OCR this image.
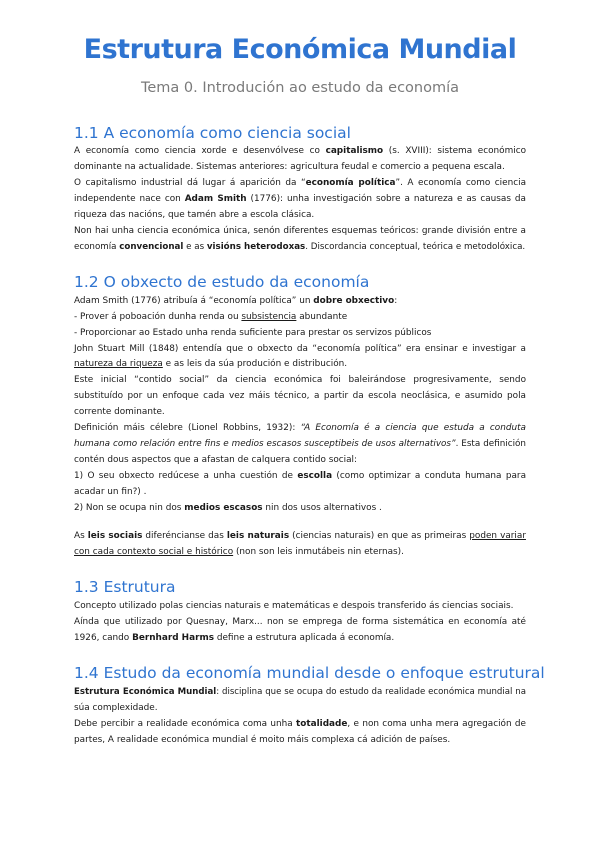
Estrutura Económica Mundial
Tema 0. Introdución ao estudo da economía
1.1 A economía como ciencia social
A economía como ciencia xorde e desenvólvese co capitalismo (s. XVIII): sistema económico
dominante na actualidade. Sistemas anteriores: agricultura feudal e comercio a pequena escala.
O capitalismo industrial dá lugar á aparición da “economía política”. A economía como ciencia
independente nace con Adam Smith (1776): unha investigación sobre a natureza e as causas da
riqueza das nacións, que tamén abre a escola clásica.
Non hai unha ciencia económica única, senón diferentes esquemas teóricos: grande división entre a
economía convencional e as visións heterodoxas. Discordancia conceptual, teórica e metodolóxica.
1.2 O obxecto de estudo da economía
Adam Smith (1776) atribuía á “economía política” un dobre obxectivo:
- Prover á poboación dunha renda ou subsistencia abundante
- Proporcionar ao Estado unha renda suficiente para prestar os servizos públicos
John Stuart Mill (1848) entendía que o obxecto da “economía política” era ensinar e investigar a
natureza da riqueza e as leis da súa produción e distribución.
Este inicial “contido social” da ciencia económica foi baleirándose progresivamente, sendo
substituído por un enfoque cada vez máis técnico, a partir da escola neoclásica, e asumido pola
corrente dominante.
Definición máis célebre (Lionel Robbins, 1932): “A Economía é a ciencia que estuda a conduta
humana como relación entre fins e medios escasos susceptibeis de usos alternativos”. Esta definición
contén dous aspectos que a afastan de calquera contido social:
1) O seu obxecto redúcese a unha cuestión de escolla (como optimizar a conduta humana para
acadar un fin?) .
2) Non se ocupa nin dos medios escasos nin dos usos alternativos .
As leis sociais diferéncianse das leis naturais (ciencias naturais) en que as primeiras poden variar
con cada contexto social e histórico (non son leis inmutábeis nin eternas).
1.3 Estrutura
Concepto utilizado polas ciencias naturais e matemáticas e despois transferido ás ciencias sociais.
Aínda que utilizado por Quesnay, Marx... non se emprega de forma sistemática en economía até
1926, cando Bernhard Harms define a estrutura aplicada á economía.
1.4 Estudo da economía mundial desde o enfoque estrutural
Estrutura Económica Mundial: disciplina que se ocupa do estudo da realidade económica mundial na
súa complexidade.
Debe percibir a realidade económica coma unha totalidade, e non coma unha mera agregación de
partes, A realidade económica mundial é moito máis complexa cá adición de países.
